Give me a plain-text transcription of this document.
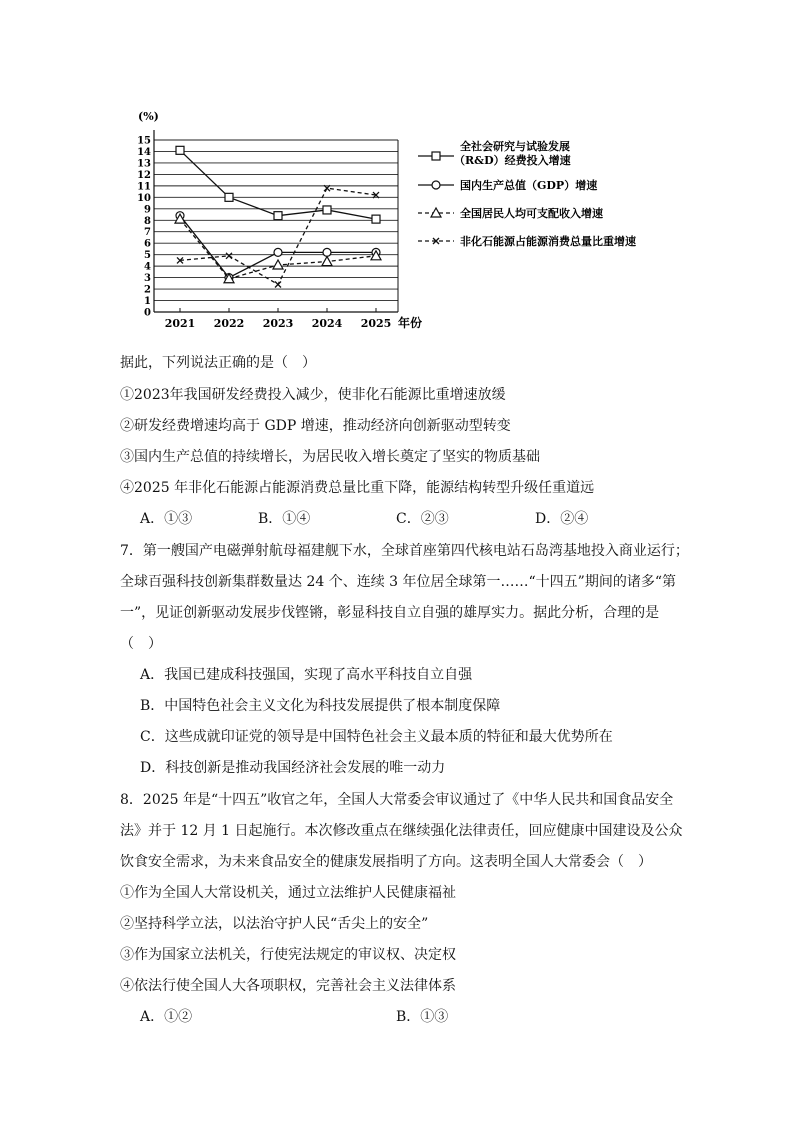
0
1
2
3
4
5
6
7
8
9
10
11
12
13
14
15
2021 2022 2023 2024 2025
(%)
年份
全社会研究与试验发展
（R&D）经费投入增速
国内生产总值（GDP）增速
全国居民人均可支配收入增速
非化石能源占能源消费总量比重增速
据此，下列说法正确的是（　）
①2023年我国研发经费投入减少，使非化石能源比重增速放缓
②研发经费增速均高于 GDP 增速，推动经济向创新驱动型转变
③国内生产总值的持续增长，为居民收入增长奠定了坚实的物质基础
④2025 年非化石能源占能源消费总量比重下降，能源结构转型升级任重道远
A．①③	B．①④	C．②③	D．②④
7．第一艘国产电磁弹射航母福建舰下水，全球首座第四代核电站石岛湾基地投入商业运行；
全球百强科技创新集群数量达 24 个、连续 3 年位居全球第一……“十四五”期间的诸多“第
一”，见证创新驱动发展步伐铿锵，彰显科技自立自强的雄厚实力。据此分析，合理的是
（　）
A．我国已建成科技强国，实现了高水平科技自立自强
B．中国特色社会主义文化为科技发展提供了根本制度保障
C．这些成就印证党的领导是中国特色社会主义最本质的特征和最大优势所在
D．科技创新是推动我国经济社会发展的唯一动力
8．2025 年是“十四五”收官之年，全国人大常委会审议通过了《中华人民共和国食品安全
法》并于 12 月 1 日起施行。本次修改重点在继续强化法律责任，回应健康中国建设及公众
饮食安全需求，为未来食品安全的健康发展指明了方向。这表明全国人大常委会（　）
①作为全国人大常设机关，通过立法维护人民健康福祉
②坚持科学立法，以法治守护人民“舌尖上的安全”
③作为国家立法机关，行使宪法规定的审议权、决定权
④依法行使全国人大各项职权，完善社会主义法律体系
A．①②	B．①③
